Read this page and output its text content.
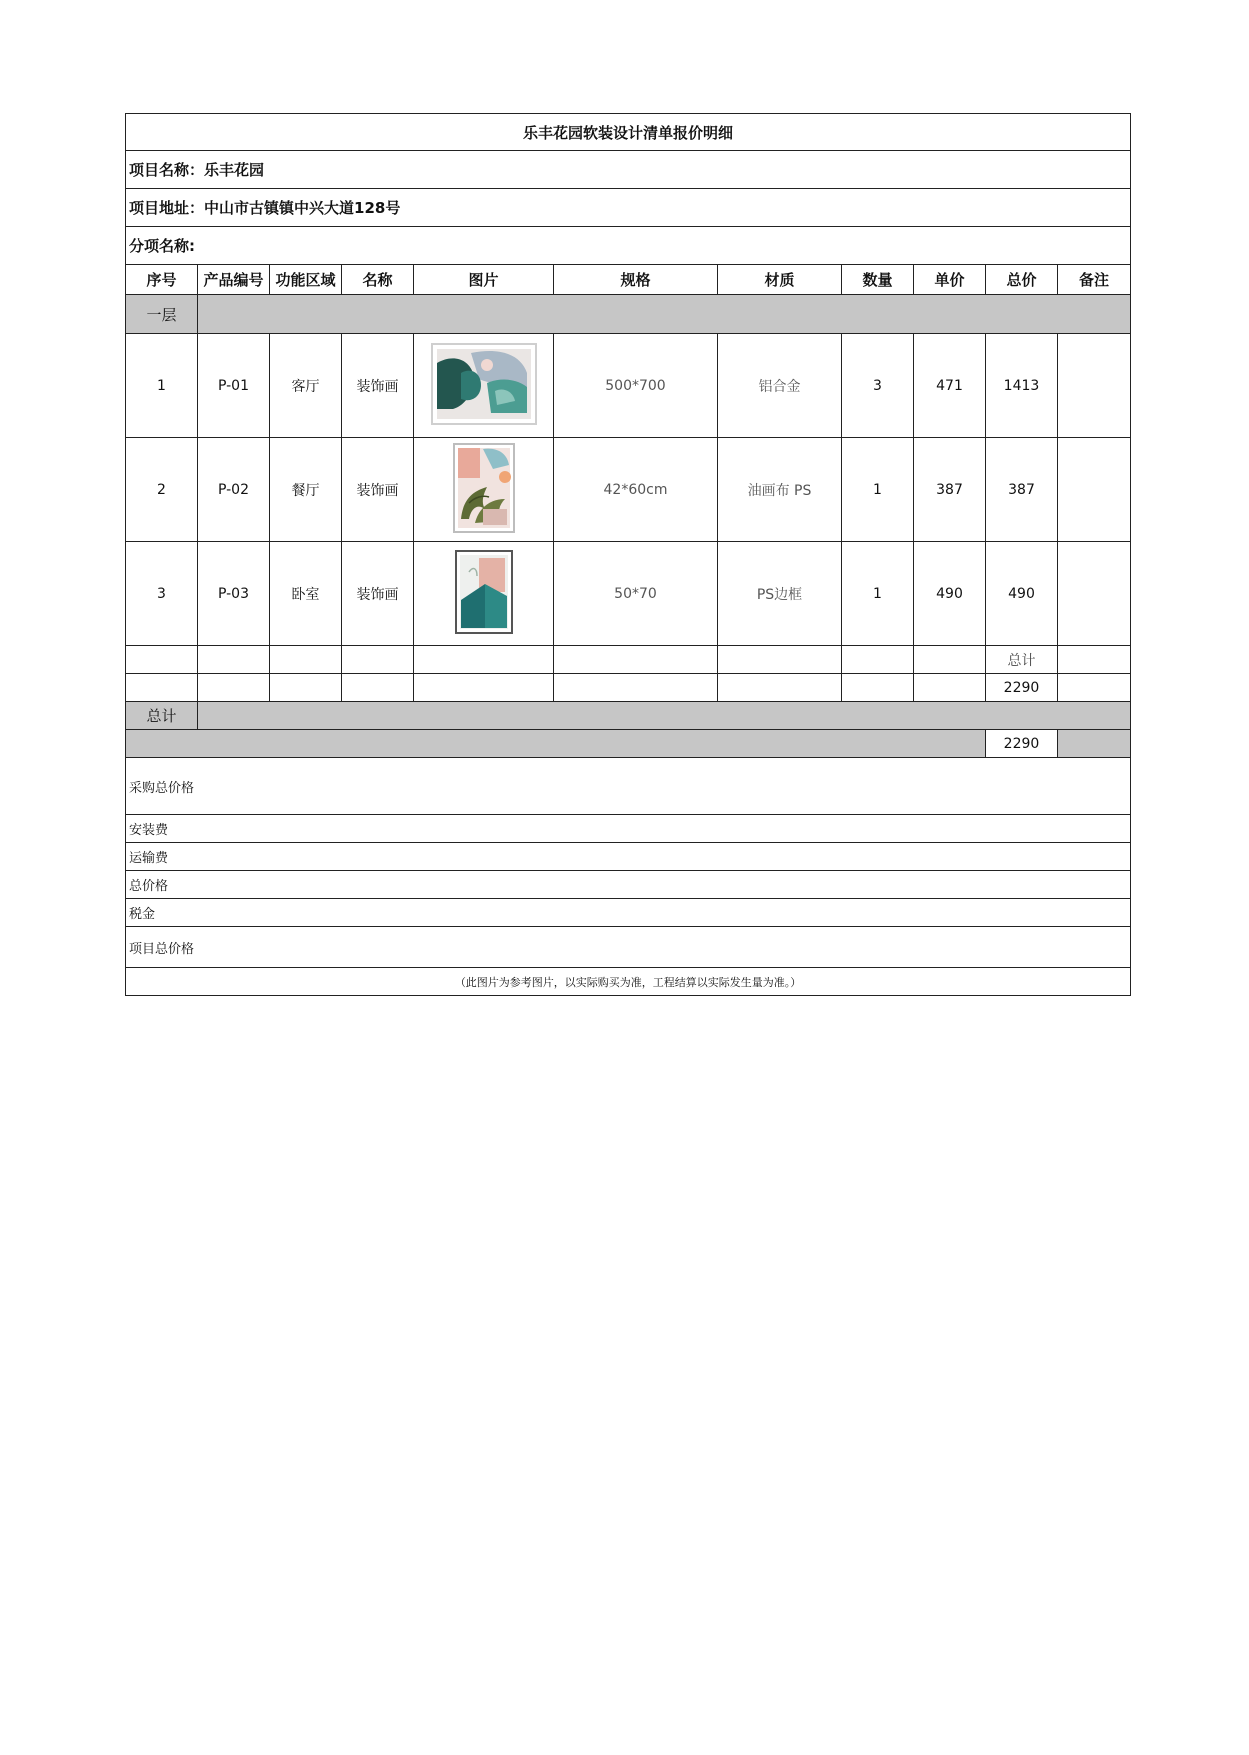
乐丰花园软装设计清单报价明细										
项目名称：乐丰花园										
项目地址：中山市古镇镇中兴大道128号										
分项名称:										
序号	产品编号	功能区域	名称	图片	规格	材质	数量	单价	总价	备注
一层										
1	P-01	客厅	装饰画		500*700	铝合金	3	471	1413	
2	P-02	餐厅	装饰画		42*60cm	油画布 PS	1	387	387	
3	P-03	卧室	装饰画		50*70	PS边框	1	490	490	
									总计	
									2290	
总计										
									2290	
采购总价格										
安装费										
运输费										
总价格										
税金										
项目总价格										
（此图片为参考图片，以实际购买为准，工程结算以实际发生量为准。）										
